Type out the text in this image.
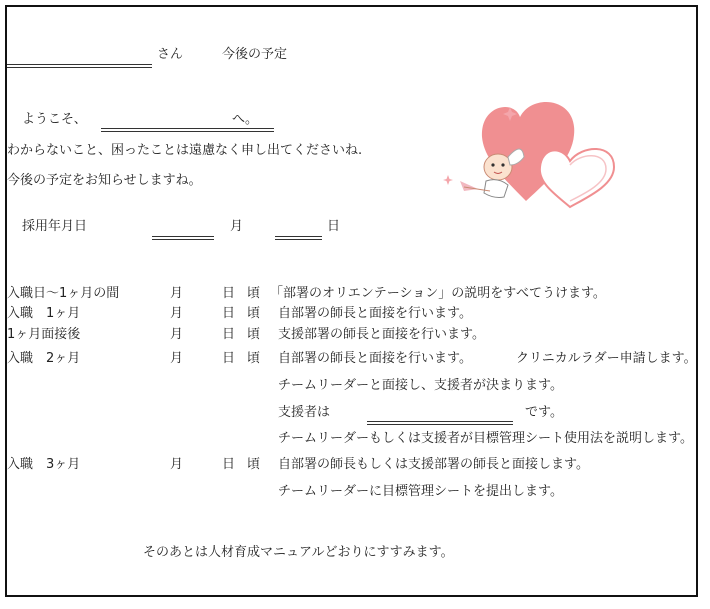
さん	今後の予定
ようこそ、	へ。
わからないこと、困ったことは遠慮なく申し出てくださいね.
今後の予定をお知らせしますね。
採用年月日	月	日
入職日～1ヶ月の間	月	日 頃 「部署のオリエンテーション」の説明をすべてうけます。
入職　1ヶ月	月	日 頃 自部署の師長と面接を行います。
1ヶ月面接後	月	日 頃 支援部署の師長と面接を行います。
入職　2ヶ月	月	日 頃 自部署の師長と面接を行います。	クリニカルラダー申請します。
チームリーダーと面接し、支援者が決まります。
支援者は	です。
チームリーダーもしくは支援者が目標管理シート使用法を説明します。
入職　3ヶ月	月	日 頃 自部署の師長もしくは支援部署の師長と面接します。
チームリーダーに目標管理シートを提出します。
そのあとは人材育成マニュアルどおりにすすみます。
